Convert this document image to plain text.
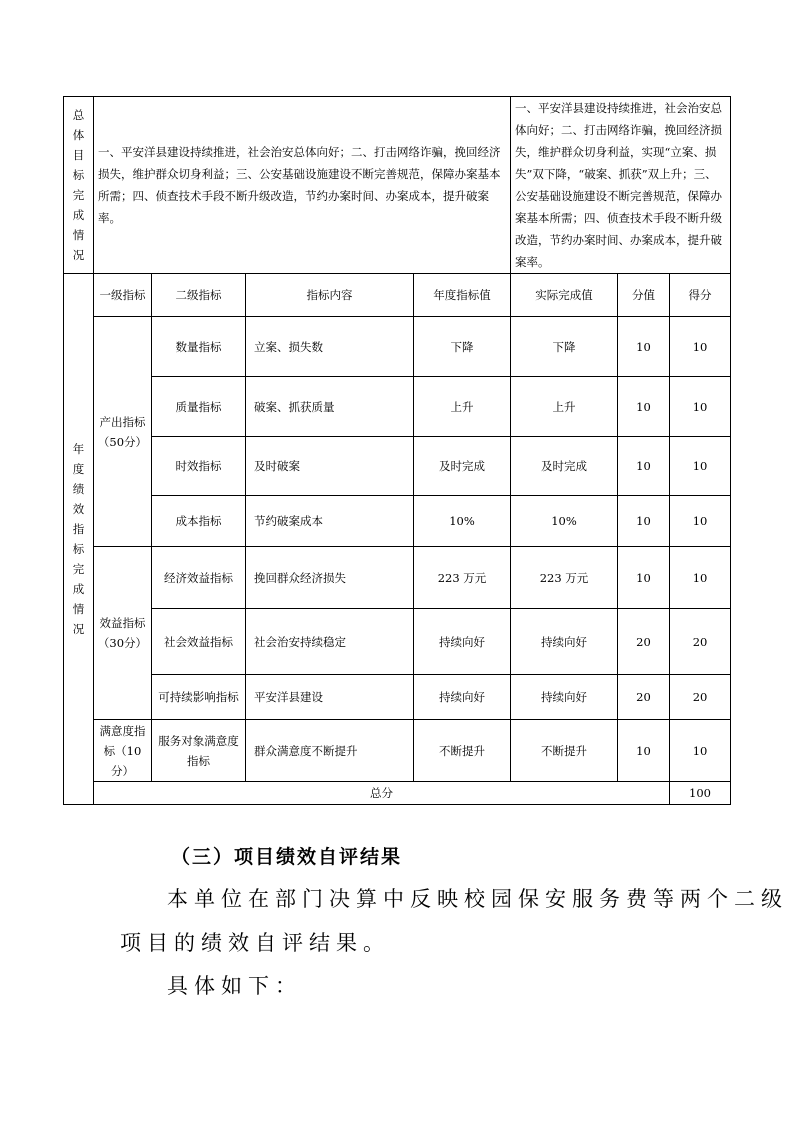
总体目标完成情况	一、平安洋县建设持续推进，社会治安总体向好；二、打击网络诈骗，挽回经济损失，维护群众切身利益；三、公安基础设施建设不断完善规范，保障办案基本所需；四、侦查技术手段不断升级改造，节约办案时间、办案成本，提升破案率。				一、平安洋县建设持续推进，社会治安总体向好；二、打击网络诈骗，挽回经济损失，维护群众切身利益，实现“立案、损失”双下降，“破案、抓获”双上升；三、公安基础设施建设不断完善规范，保障办案基本所需；四、侦查技术手段不断升级改造，节约办案时间、办案成本，提升破案率。			
年度绩效指标完成情况	一级指标	二级指标	指标内容	年度指标值	实际完成值	分值	得分	
	产出指标（50分）	数量指标	立案、损失数	下降	下降	10	10	
		质量指标	破案、抓获质量	上升	上升	10	10	
		时效指标	及时破案	及时完成	及时完成	10	10	
		成本指标	节约破案成本	10%	10%	10	10	
	效益指标（30分）	经济效益指标	挽回群众经济损失	223 万元	223 万元	10	10	
		社会效益指标	社会治安持续稳定	持续向好	持续向好	20	20	
		可持续影响指标	平安洋县建设	持续向好	持续向好	20	20	
	满意度指标（10分）	服务对象满意度指标	群众满意度不断提升	不断提升	不断提升	10	10	
	总分						100	
（三）项目绩效自评结果
本单位在部门决算中反映校园保安服务费等两个二级
项目的绩效自评结果。
具体如下：
